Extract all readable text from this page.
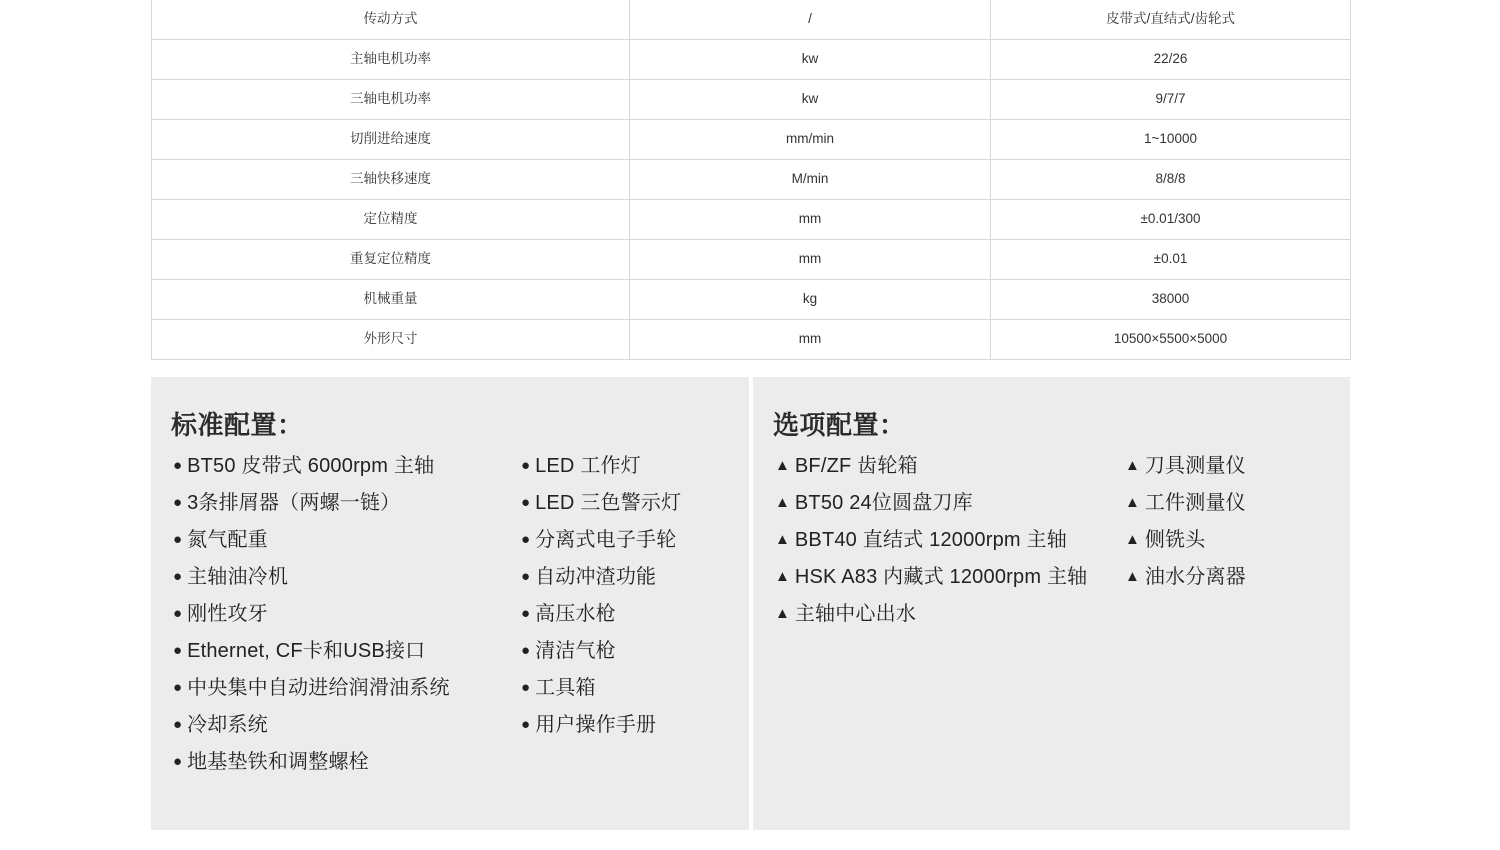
传动方式	/	皮带式/直结式/齿轮式
主轴电机功率	kw	22/26
三轴电机功率	kw	9/7/7
切削进给速度	mm/min	1~10000
三轴快移速度	M/min	8/8/8
定位精度	mm	±0.01/300
重复定位精度	mm	±0.01
机械重量	kg	38000
外形尺寸	mm	10500×5500×5000
标准配置：
● BT50 皮带式 6000rpm 主轴
● 3条排屑器（两螺一链）
● 氮气配重
● 主轴油冷机
● 刚性攻牙
● Ethernet, CF卡和USB接口
● 中央集中自动进给润滑油系统
● 冷却系统
● 地基垫铁和调整螺栓
● LED 工作灯
● LED 三色警示灯
● 分离式电子手轮
● 自动冲渣功能
● 高压水枪
● 清洁气枪
● 工具箱
● 用户操作手册
选项配置：
▲ BF/ZF 齿轮箱
▲ BT50 24位圆盘刀库
▲ BBT40 直结式 12000rpm 主轴
▲ HSK A83 内藏式 12000rpm 主轴
▲ 主轴中心出水
▲ 刀具测量仪
▲ 工件测量仪
▲ 侧铣头
▲ 油水分离器
